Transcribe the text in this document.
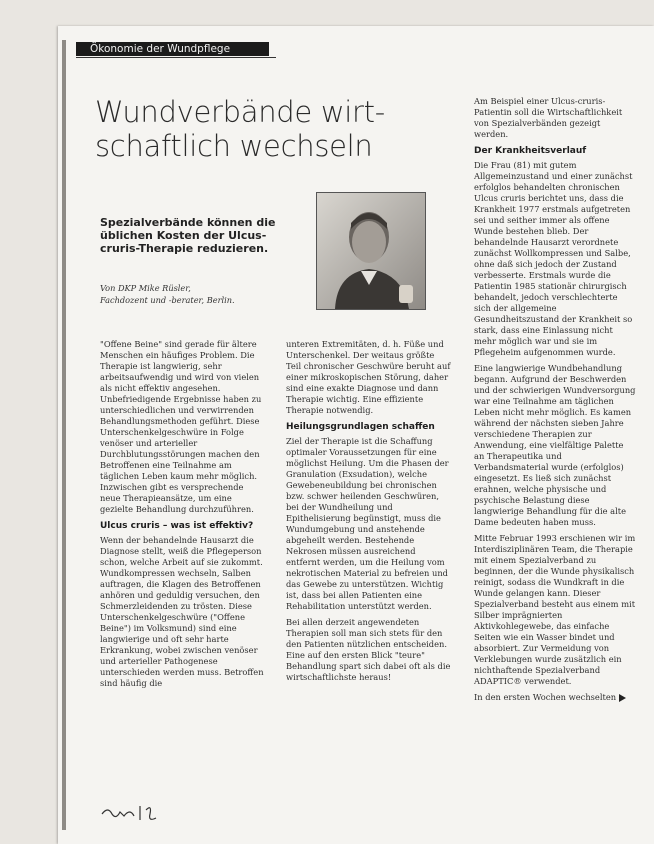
Ökonomie der Wundpflege
Wundverbände wirt-schaftlich wechseln
Spezialverbände können die üblichen Kosten der Ulcus-cruris-Therapie reduzieren.
Von DKP Mike Rüsler,
Fachdozent und -berater, Berlin.

"Offene Beine" sind gerade für ältere Menschen ein häufiges Problem. Die Therapie ist langwierig, sehr arbeitsaufwendig und wird von vielen als nicht effektiv angesehen. Unbefriedigende Ergebnisse haben zu unterschiedlichen und verwirrenden Behandlungsmethoden geführt. Diese Unterschenkelgeschwüre in Folge venöser und arterieller Durchblutungsstörungen machen den Betroffenen eine Teilnahme am täglichen Leben kaum mehr möglich. Inzwischen gibt es versprechende neue Therapieansätze, um eine gezielte Behandlung durchzuführen.

Ulcus cruris – was ist effektiv?

Wenn der behandelnde Hausarzt die Diagnose stellt, weiß die Pflegeperson schon, welche Arbeit auf sie zukommt. Wundkompressen wechseln, Salben auftragen, die Klagen des Betroffenen anhören und geduldig versuchen, den Schmerzleidenden zu trösten. Diese Unterschenkelgeschwüre ("Offene Beine") im Volksmund) sind eine langwierige und oft sehr harte Erkrankung, wobei zwischen venöser und arterieller Pathogenese unterschieden werden muss. Betroffen sind häufig die

unteren Extremitäten, d. h. Füße und Unterschenkel. Der weitaus größte Teil chronischer Geschwüre beruht auf einer mikroskopischen Störung, daher sind eine exakte Diagnose und dann Therapie wichtig. Eine effiziente Therapie notwendig.

Heilungsgrundlagen schaffen

Ziel der Therapie ist die Schaffung optimaler Voraussetzungen für eine möglichst Heilung. Um die Phasen der Granulation (Exsudation), welche Gewebeneubildung bei chronischen bzw. schwer heilenden Geschwüren, bei der Wundheilung und Epithelisierung begünstigt, muss die Wundumgebung und anstehende abgeheilt werden. Bestehende Nekrosen müssen ausreichend entfernt werden, um die Heilung vom nekrotischen Material zu befreien und das Gewebe zu unterstützen. Wichtig ist, dass bei allen Patienten eine Rehabilitation unterstützt werden.

Bei allen derzeit angewendeten Therapien soll man sich stets für den den Patienten nützlichen entscheiden. Eine auf den ersten Blick "teure" Behandlung spart sich dabei oft als die wirtschaftlichste heraus!

Am Beispiel einer Ulcus-cruris-Patientin soll die Wirtschaftlichkeit von Spezialverbänden gezeigt werden.

Der Krankheitsverlauf

Die Frau (81) mit gutem Allgemeinzustand und einer zunächst erfolglos behandelten chronischen Ulcus cruris berichtet uns, dass die Krankheit 1977 erstmals aufgetreten sei und seither immer als offene Wunde bestehen blieb. Der behandelnde Hausarzt verordnete zunächst Wollkompressen und Salbe, ohne daß sich jedoch der Zustand verbesserte. Erstmals wurde die Patientin 1985 stationär chirurgisch behandelt, jedoch verschlechterte sich der allgemeine Gesundheitszustand der Krankheit so stark, dass eine Einlassung nicht mehr möglich war und sie im Pflegeheim aufgenommen wurde.

Eine langwierige Wundbehandlung begann. Aufgrund der Beschwerden und der schwierigen Wundversorgung war eine Teilnahme am täglichen Leben nicht mehr möglich. Es kamen während der nächsten sieben Jahre verschiedene Therapien zur Anwendung, eine vielfältige Palette an Therapeutika und Verbandsmaterial wurde (erfolglos) eingesetzt. Es ließ sich zunächst erahnen, welche physische und psychische Belastung diese langwierige Behandlung für die alte Dame bedeuten haben muss.

Mitte Februar 1993 erschienen wir im Interdisziplinären Team, die Therapie mit einem Spezialverband zu beginnen, der die Wunde physikalisch reinigt, sodass die Wundkraft in die Wunde gelangen kann. Dieser Spezialverband besteht aus einem mit Silber imprägnierten Aktivkohlegewebe, das einfache Seiten wie ein Wasser bindet und absorbiert. Zur Vermeidung von Verklebungen wurde zusätzlich ein nichthaftende Spezialverband ADAPTIC® verwendet.

In den ersten Wochen wechselten
